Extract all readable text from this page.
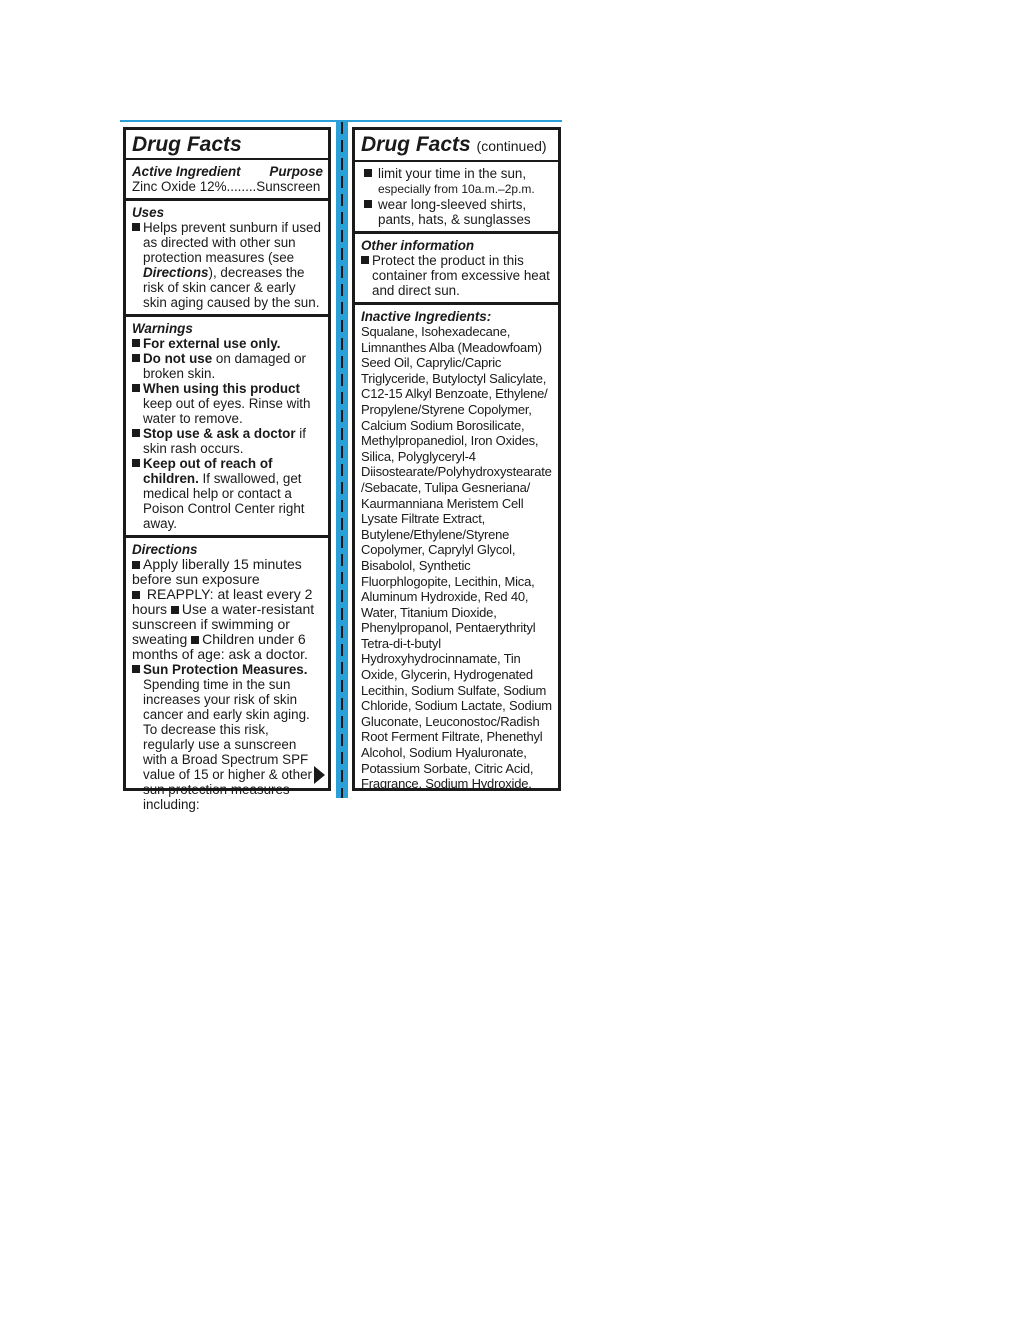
Drug Facts
Active Ingredient Purpose
Zinc Oxide 12%........Sunscreen
Uses
Helps prevent sunburn if used as directed with other sun protection measures (see Directions), decreases the risk of skin cancer & early skin aging caused by the sun.
Warnings
For external use only.
Do not use on damaged or broken skin.
When using this product keep out of eyes. Rinse with water to remove.
Stop use & ask a doctor if skin rash occurs.
Keep out of reach of children. If swallowed, get medical help or contact a Poison Control Center right away.
Directions
Apply liberally 15 minutes before sun exposure
REAPPLY: at least every 2 hours Use a water-resistant sunscreen if swimming or sweating Children under 6 months of age: ask a doctor.
Sun Protection Measures. Spending time in the sun increases your risk of skin cancer and early skin aging. To decrease this risk, regularly use a sunscreen with a Broad Spectrum SPF value of 15 or higher & other sun protection measures including:
Drug Facts (continued)
limit your time in the sun,
especially from 10a.m.–2p.m.
wear long-sleeved shirts, pants, hats, & sunglasses
Other information
Protect the product in this container from excessive heat and direct sun.
Inactive Ingredients:
Squalane, Isohexadecane, Limnanthes Alba (Meadowfoam) Seed Oil, Caprylic/Capric Triglyceride, Butyloctyl Salicylate, C12-15 Alkyl Benzoate, Ethylene/ Propylene/Styrene Copolymer, Calcium Sodium Borosilicate, Methylpropanediol, Iron Oxides, Silica, Polyglyceryl-4 Diisostearate/Polyhydroxystearate /Sebacate, Tulipa Gesneriana/ Kaurmanniana Meristem Cell Lysate Filtrate Extract, Butylene/Ethylene/Styrene Copolymer, Caprylyl Glycol, Bisabolol, Synthetic Fluorphlogopite, Lecithin, Mica, Aluminum Hydroxide, Red 40, Water, Titanium Dioxide, Phenylpropanol, Pentaerythrityl Tetra-di-t-butyl Hydroxyhydrocinnamate, Tin Oxide, Glycerin, Hydrogenated Lecithin, Sodium Sulfate, Sodium Chloride, Sodium Lactate, Sodium Gluconate, Leuconostoc/Radish Root Ferment Filtrate, Phenethyl Alcohol, Sodium Hyaluronate, Potassium Sorbate, Citric Acid, Fragrance, Sodium Hydroxide.
